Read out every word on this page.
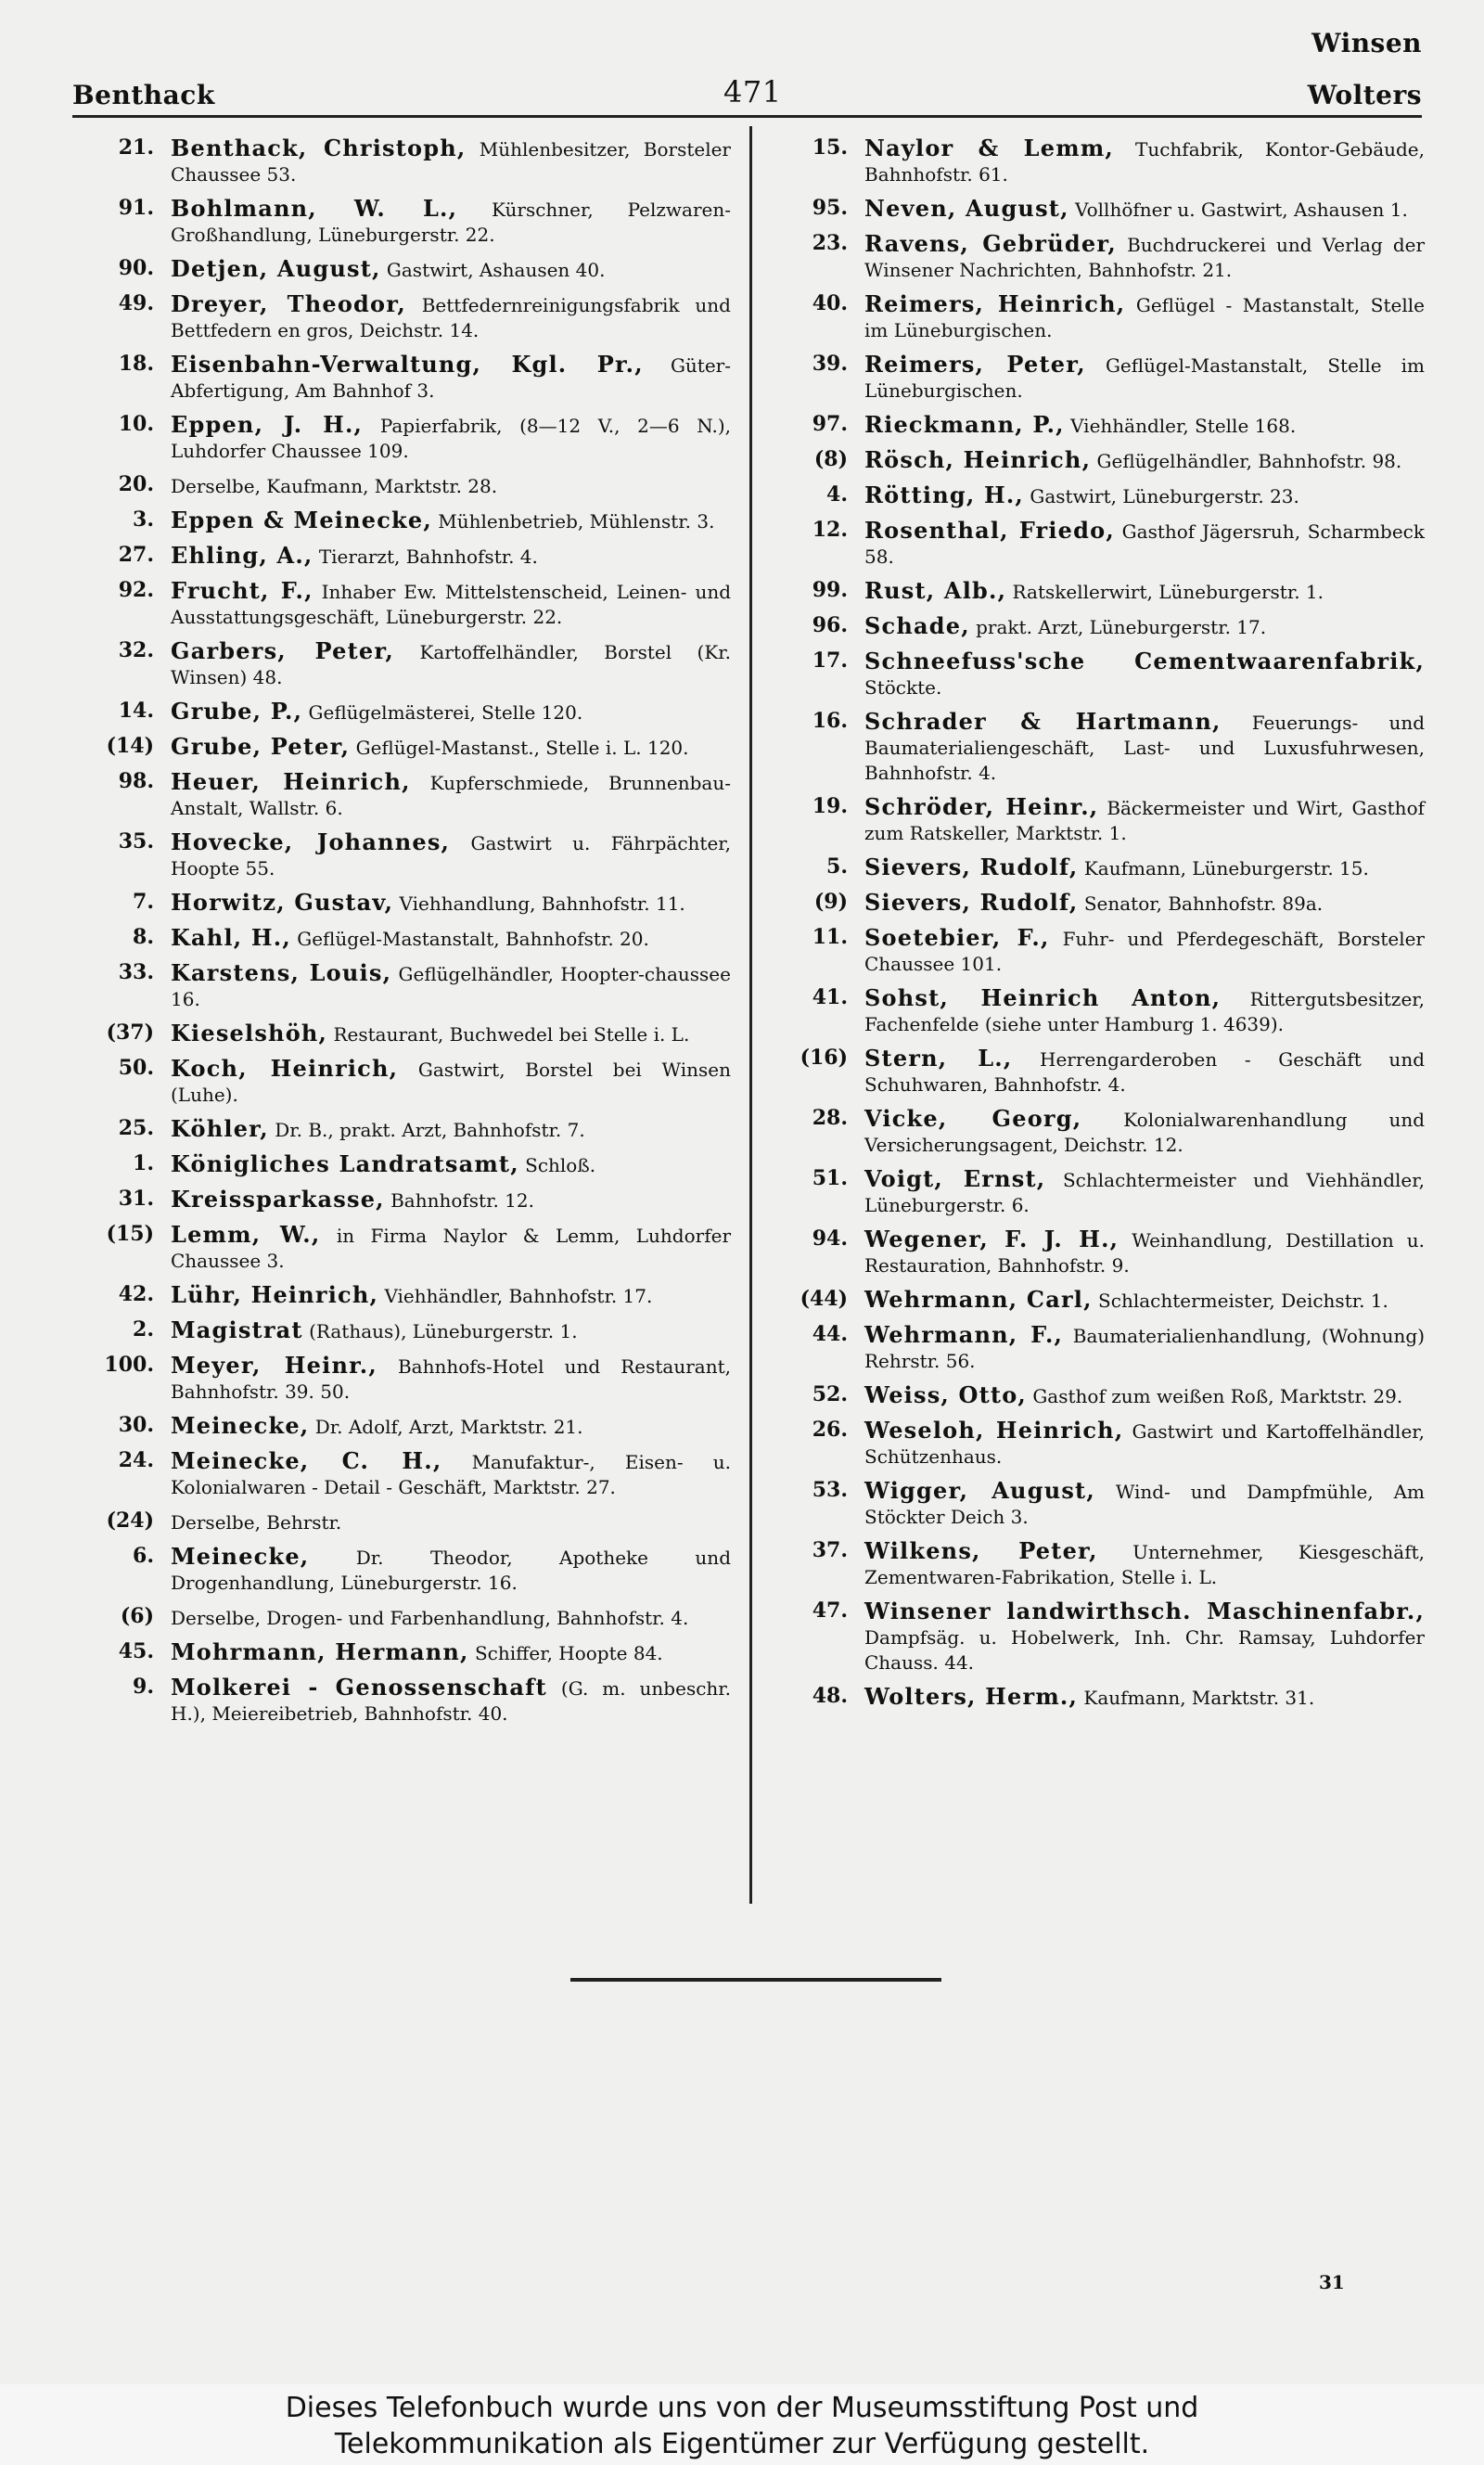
Winsen
Benthack	471	Wolters
21. Benthack, Christoph, Mühlenbesitzer, Borsteler Chaussee 53.
91. Bohlmann, W. L., Kürschner, Pelzwaren-Großhandlung, Lüneburgerstr. 22.
90. Detjen, August, Gastwirt, Ashausen 40.
49. Dreyer, Theodor, Bettfedernreinigungsfabrik und Bettfedern en gros, Deichstr. 14.
18. Eisenbahn-Verwaltung, Kgl. Pr., Güter-Abfertigung, Am Bahnhof 3.
10. Eppen, J. H., Papierfabrik, (8—12 V., 2—6 N.), Luhdorfer Chaussee 109.
20. Derselbe, Kaufmann, Marktstr. 28.
3. Eppen & Meinecke, Mühlenbetrieb, Mühlenstr. 3.
27. Ehling, A., Tierarzt, Bahnhofstr. 4.
92. Frucht, F., Inhaber Ew. Mittelstenscheid, Leinen- und Ausstattungsgeschäft, Lüneburgerstr. 22.
32. Garbers, Peter, Kartoffelhändler, Borstel (Kr. Winsen) 48.
14. Grube, P., Geflügelmästerei, Stelle 120.
(14) Grube, Peter, Geflügel-Mastanst., Stelle i. L. 120.
98. Heuer, Heinrich, Kupferschmiede, Brunnenbau-Anstalt, Wallstr. 6.
35. Hovecke, Johannes, Gastwirt u. Fährpächter, Hoopte 55.
7. Horwitz, Gustav, Viehhandlung, Bahnhofstr. 11.
8. Kahl, H., Geflügel-Mastanstalt, Bahnhofstr. 20.
33. Karstens, Louis, Geflügelhändler, Hoopter-chaussee 16.
(37) Kieselshöh, Restaurant, Buchwedel bei Stelle i. L.
50. Koch, Heinrich, Gastwirt, Borstel bei Winsen (Luhe).
25. Köhler, Dr. B., prakt. Arzt, Bahnhofstr. 7.
1. Königliches Landratsamt, Schloß.
31. Kreissparkasse, Bahnhofstr. 12.
(15) Lemm, W., in Firma Naylor & Lemm, Luhdorfer Chaussee 3.
42. Lühr, Heinrich, Viehhändler, Bahnhofstr. 17.
2. Magistrat (Rathaus), Lüneburgerstr. 1.
100. Meyer, Heinr., Bahnhofs-Hotel und Restaurant, Bahnhofstr. 39. 50.
30. Meinecke, Dr. Adolf, Arzt, Marktstr. 21.
24. Meinecke, C. H., Manufaktur-, Eisen- u. Kolonialwaren - Detail - Geschäft, Marktstr. 27.
(24) Derselbe, Behrstr.
6. Meinecke,	Dr. Theodor, Apotheke und Drogenhandlung, Lüneburgerstr. 16.
(6) Derselbe, Drogen- und Farbenhandlung, Bahnhofstr. 4.
45. Mohrmann, Hermann, Schiffer, Hoopte 84.
9. Molkerei - Genossenschaft (G. m. unbeschr. H.), Meiereibetrieb, Bahnhofstr. 40.
15. Naylor & Lemm, Tuchfabrik, Kontor-Gebäude, Bahnhofstr. 61.
95. Neven, August, Vollhöfner u. Gastwirt, Ashausen 1.
23. Ravens, Gebrüder, Buchdruckerei und Verlag der Winsener Nachrichten, Bahnhofstr. 21.
40. Reimers, Heinrich, Geflügel - Mastanstalt, Stelle im Lüneburgischen.
39. Reimers, Peter, Geflügel-Mastanstalt, Stelle im Lüneburgischen.
97. Rieckmann, P., Viehhändler, Stelle 168.
(8) Rösch, Heinrich, Geflügelhändler, Bahnhofstr. 98.
4. Rötting, H., Gastwirt, Lüneburgerstr. 23.
12. Rosenthal, Friedo, Gasthof Jägersruh, Scharmbeck 58.
99. Rust, Alb., Ratskellerwirt, Lüneburgerstr. 1.
96. Schade, prakt. Arzt, Lüneburgerstr. 17.
17. Schneefuss'sche Cementwaarenfabrik, Stöckte.
16. Schrader & Hartmann, Feuerungs- und Baumaterialiengeschäft, Last- und Luxusfuhrwesen, Bahnhofstr. 4.
19. Schröder, Heinr., Bäckermeister und Wirt, Gasthof zum Ratskeller, Marktstr. 1.
5. Sievers, Rudolf, Kaufmann, Lüneburgerstr. 15.
(9) Sievers, Rudolf, Senator, Bahnhofstr. 89a.
11. Soetebier, F., Fuhr- und Pferdegeschäft, Borsteler Chaussee 101.
41. Sohst, Heinrich Anton, Rittergutsbesitzer, Fachenfelde (siehe unter Hamburg 1. 4639).
(16) Stern, L., Herrengarderoben - Geschäft und Schuhwaren, Bahnhofstr. 4.
28. Vicke, Georg, Kolonialwarenhandlung und Versicherungsagent, Deichstr. 12.
51. Voigt, Ernst, Schlachtermeister und Viehhändler, Lüneburgerstr. 6.
94. Wegener, F. J. H., Weinhandlung, Destillation u. Restauration, Bahnhofstr. 9.
(44) Wehrmann, Carl, Schlachtermeister, Deichstr. 1.
44. Wehrmann, F., Baumaterialienhandlung, (Wohnung) Rehrstr. 56.
52. Weiss, Otto, Gasthof zum weißen Roß, Marktstr. 29.
26. Weseloh, Heinrich, Gastwirt und Kartoffelhändler, Schützenhaus.
53. Wigger, August, Wind- und Dampfmühle, Am Stöckter Deich 3.
37. Wilkens, Peter, Unternehmer, Kiesgeschäft, Zementwaren-Fabrikation, Stelle i. L.
47. Winsener landwirthsch. Maschinenfabr., Dampfsäg. u. Hobelwerk, Inh. Chr. Ramsay, Luhdorfer Chauss. 44.
48. Wolters, Herm., Kaufmann, Marktstr. 31.
31
Dieses Telefonbuch wurde uns von der Museumsstiftung Post und
Telekommunikation als Eigentümer zur Verfügung gestellt.
